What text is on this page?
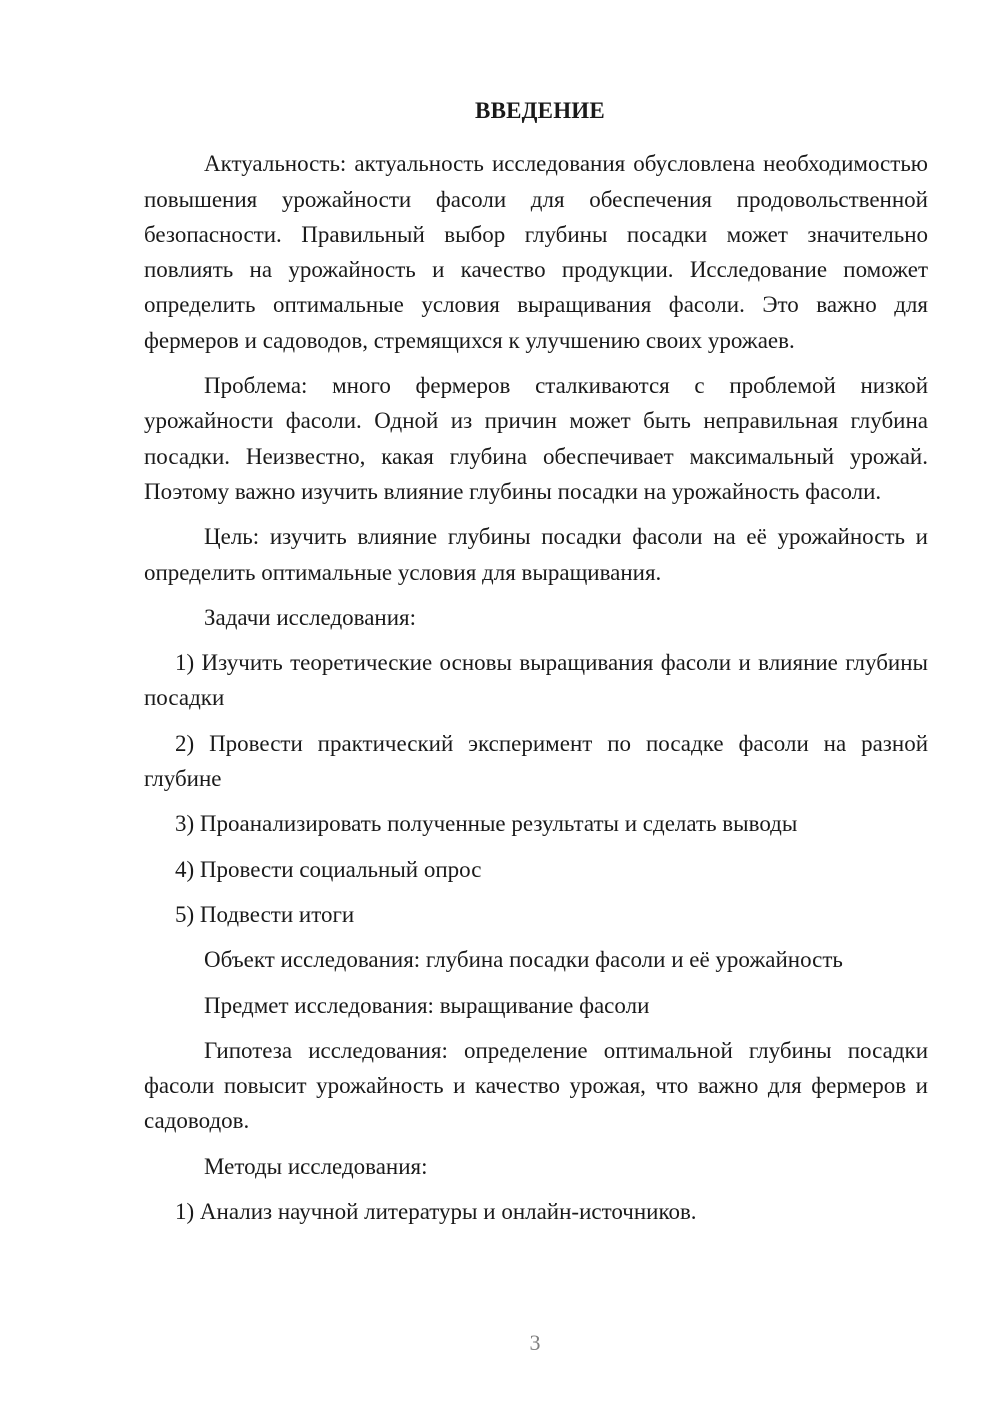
ВВЕДЕНИЕ

Актуальность: актуальность исследования обусловлена необходимостью повышения урожайности фасоли для обеспечения продовольственной безопасности. Правильный выбор глубины посадки может значительно повлиять на урожайность и качество продукции. Исследование поможет определить оптимальные условия выращивания фасоли. Это важно для фермеров и садоводов, стремящихся к улучшению своих урожаев.

Проблема: много фермеров сталкиваются с проблемой низкой урожайности фасоли. Одной из причин может быть неправильная глубина посадки. Неизвестно, какая глубина обеспечивает максимальный урожай. Поэтому важно изучить влияние глубины посадки на урожайность фасоли.

Цель: изучить влияние глубины посадки фасоли на её урожайность и определить оптимальные условия для выращивания.

Задачи исследования:

1) Изучить теоретические основы выращивания фасоли и влияние глубины посадки

2) Провести практический эксперимент по посадке фасоли на разной глубине

3) Проанализировать полученные результаты и сделать выводы

4) Провести социальный опрос

5) Подвести итоги

Объект исследования: глубина посадки фасоли и её урожайность

Предмет исследования: выращивание фасоли

Гипотеза исследования: определение оптимальной глубины посадки фасоли повысит урожайность и качество урожая, что важно для фермеров и садоводов.

Методы исследования:

1) Анализ научной литературы и онлайн-источников.

3
